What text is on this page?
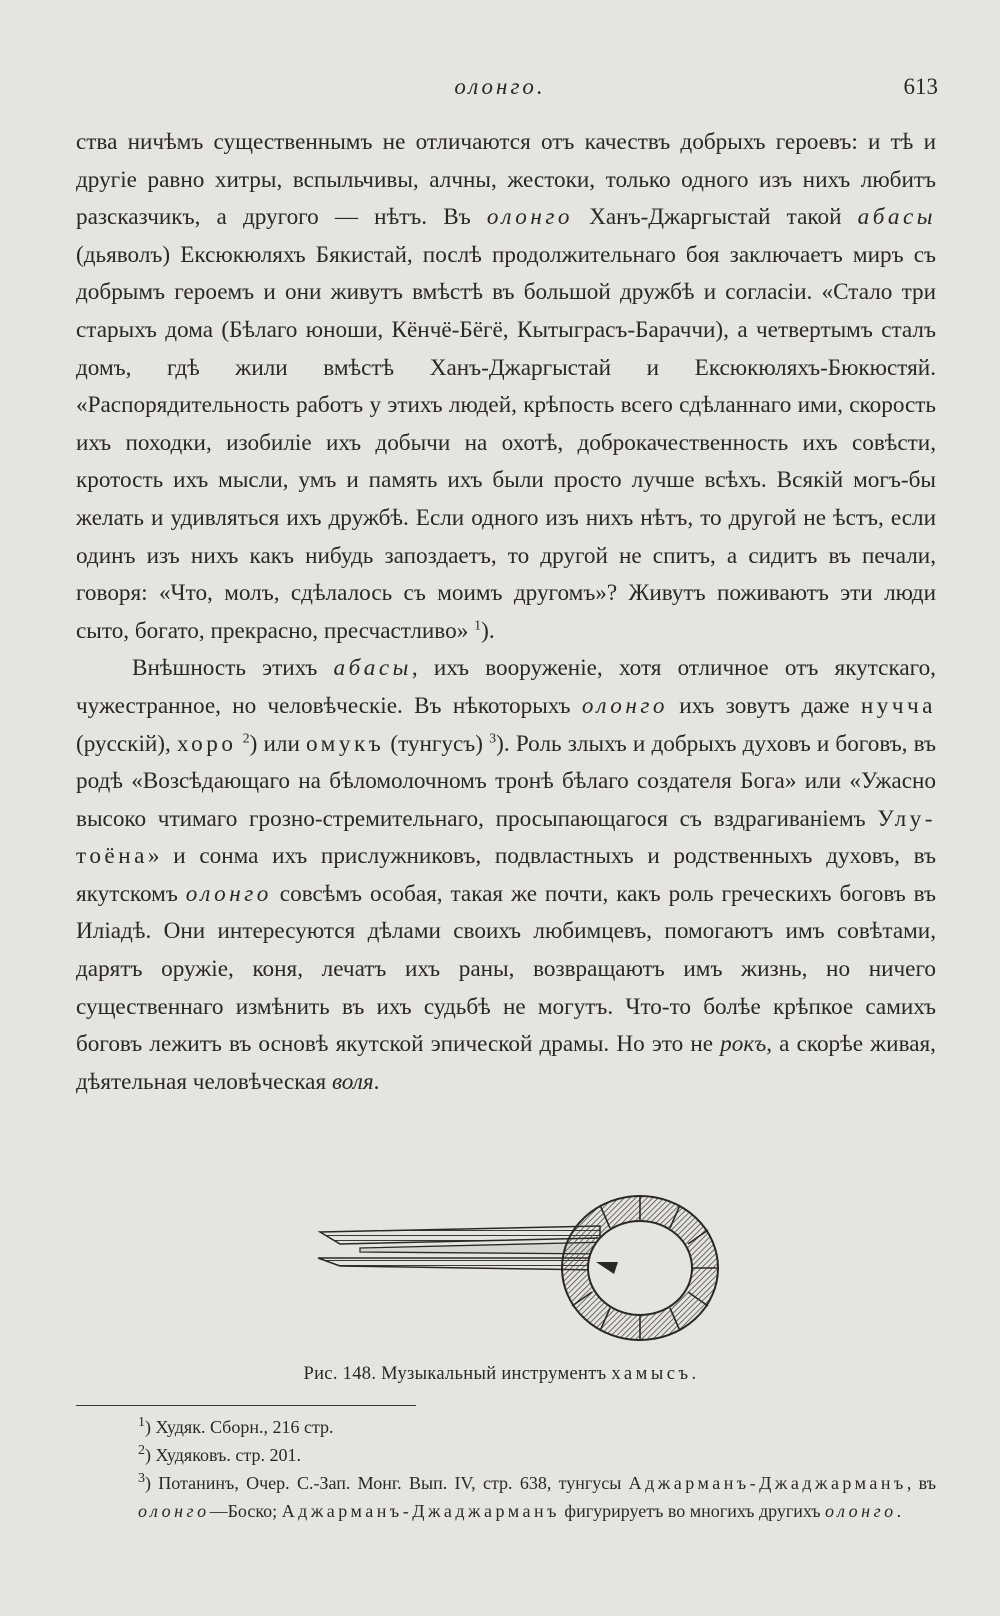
олонго.	613

ства ничѣмъ существеннымъ не отличаются отъ качествъ добрыхъ героевъ: и тѣ и другіе равно хитры, вспыльчивы, алчны, жестоки, только одного изъ нихъ любитъ разсказчикъ, а другого — нѣтъ. Въ олонго Ханъ-Джаргыстай такой абасы (дьяволъ) Ексюкюляхъ Бякистай, послѣ продолжительнаго боя заключаетъ миръ съ добрымъ героемъ и они живутъ вмѣстѣ въ большой дружбѣ и согласіи. «Стало три старыхъ дома (Бѣлаго юноши, Кёнчё-Бёгё, Кытыграсъ-Бараччи), а четвертымъ сталъ домъ, гдѣ жили вмѣстѣ Ханъ-Джаргыстай и Ексюкюляхъ-Бюкюстяй. «Распорядительность работъ у этихъ людей, крѣпость всего сдѣланнаго ими, скорость ихъ походки, изобиліе ихъ добычи на охотѣ, доброкачественность ихъ совѣсти, кротость ихъ мысли, умъ и память ихъ были просто лучше всѣхъ. Всякій могъ-бы желать и удивляться ихъ дружбѣ. Если одного изъ нихъ нѣтъ, то другой не ѣстъ, если одинъ изъ нихъ какъ нибудь запоздаетъ, то другой не спитъ, а сидитъ въ печали, говоря: «Что, молъ, сдѣлалось съ моимъ другомъ»? Живутъ поживаютъ эти люди сыто, богато, прекрасно, пресчастливо» $^1$).

Внѣшность этихъ абасы, ихъ вооруженіе, хотя отличное отъ якутскаго, чужестранное, но человѣческіе. Въ нѣкоторыхъ олонго ихъ зовутъ даже нучча (русскій), хоро $^2$) или омукъ (тунгусъ) $^3$). Роль злыхъ и добрыхъ духовъ и боговъ, въ родѣ «Возсѣдающаго на бѣломолочномъ тронѣ бѣлаго создателя Бога» или «Ужасно высоко чтимаго грозно-стремительнаго, просыпающагося съ вздрагиваніемъ Улу-тоёна» и сонма ихъ прислужниковъ, подвластныхъ и родственныхъ духовъ, въ якутскомъ олонго совсѣмъ особая, такая же почти, какъ роль греческихъ боговъ въ Иліадѣ. Они интересуются дѣлами своихъ любимцевъ, помогаютъ имъ совѣтами, дарятъ оружіе, коня, лечатъ ихъ раны, возвращаютъ имъ жизнь, но ничего существеннаго измѣнить въ ихъ судьбѣ не могутъ. Что-то болѣе крѣпкое самихъ боговъ лежитъ въ основѣ якутской эпической драмы. Но это не рокъ, а скорѣе живая, дѣятельная человѣческая воля.

Рис. 148. Музыкальный инструментъ хамысъ.

$^1$) Худяк. Сборн., 216 стр.

$^2$) Худяковъ. стр. 201.

$^3$) Потанинъ, Очер. С.-Зап. Монг. Вып. IV, стр. 638, тунгусы Аджарманъ-Джаджарманъ, въ олонго—Боско; Аджарманъ-Джаджарманъ фигурируетъ во многихъ другихъ олонго.
